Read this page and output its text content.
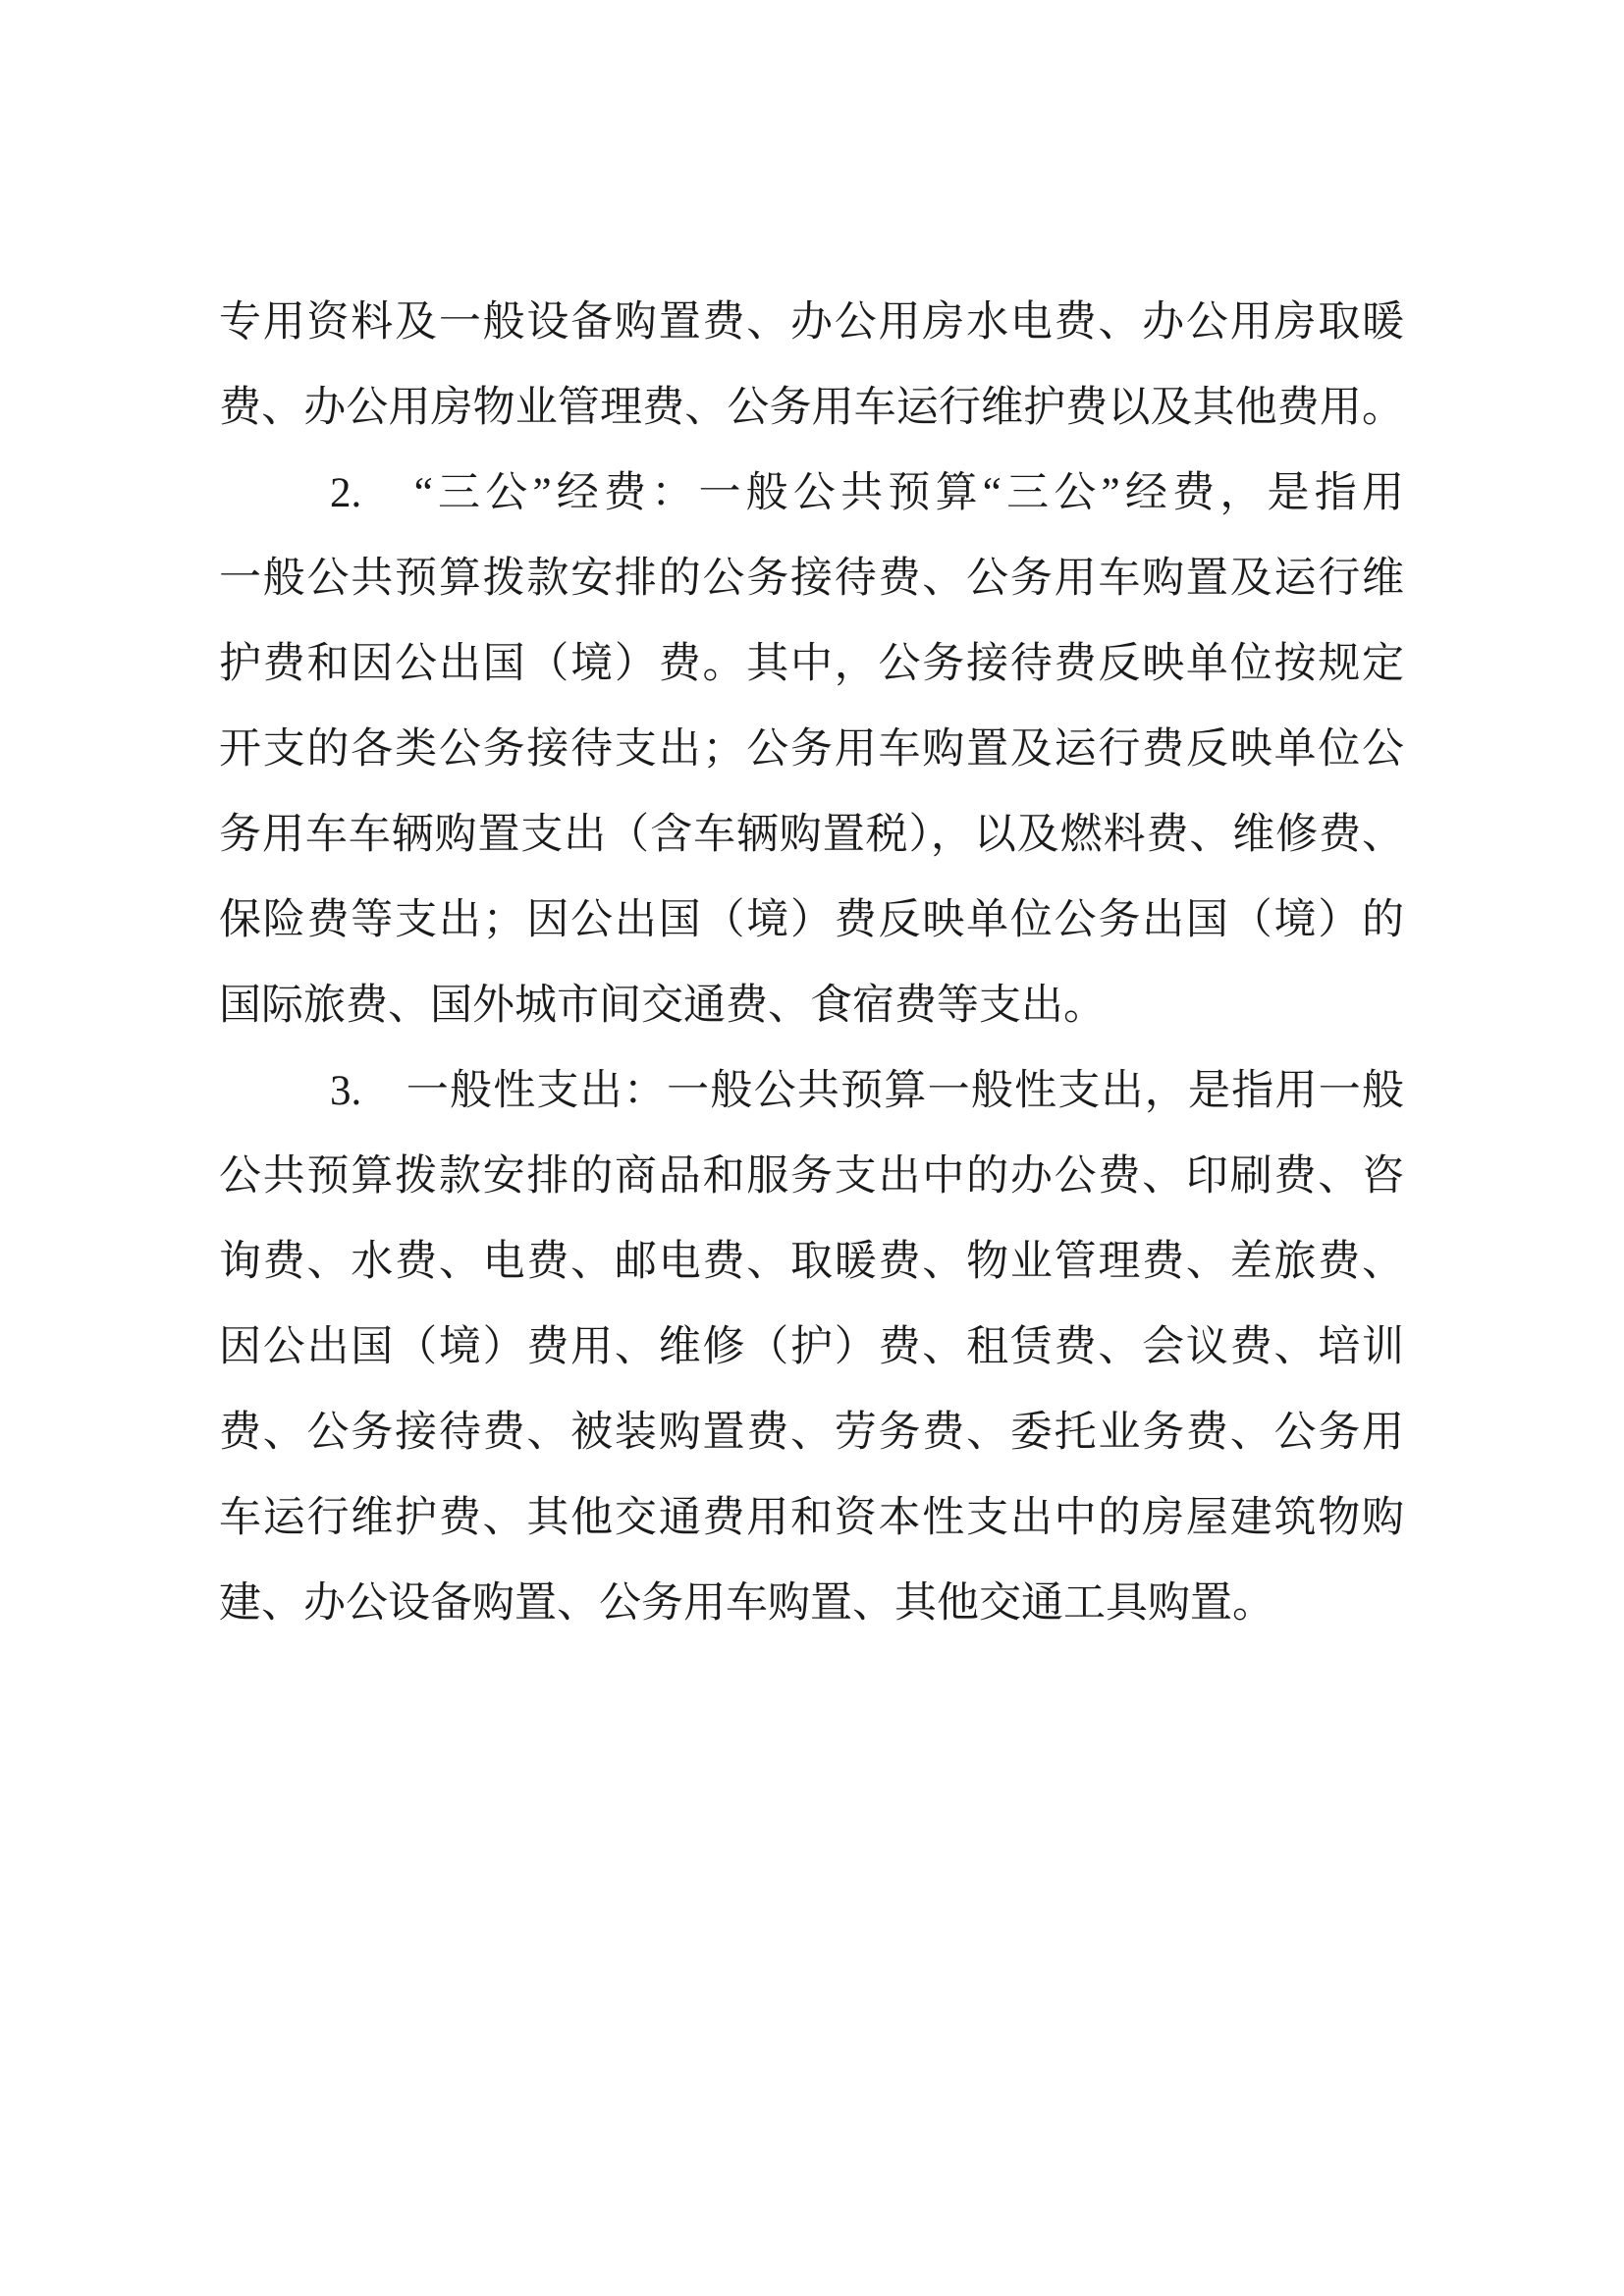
专用资料及一般设备购置费、办公用房水电费、办公用房取暖
费、办公用房物业管理费、公务用车运行维护费以及其他费用。
2.　“三公”经费：一般公共预算“三公”经费，是指用
一般公共预算拨款安排的公务接待费、公务用车购置及运行维
护费和因公出国（境）费。其中，公务接待费反映单位按规定
开支的各类公务接待支出；公务用车购置及运行费反映单位公
务用车车辆购置支出（含车辆购置税），以及燃料费、维修费、
保险费等支出；因公出国（境）费反映单位公务出国（境）的
国际旅费、国外城市间交通费、食宿费等支出。
3.　一般性支出：一般公共预算一般性支出，是指用一般
公共预算拨款安排的商品和服务支出中的办公费、印刷费、咨
询费、水费、电费、邮电费、取暖费、物业管理费、差旅费、
因公出国（境）费用、维修（护）费、租赁费、会议费、培训
费、公务接待费、被装购置费、劳务费、委托业务费、公务用
车运行维护费、其他交通费用和资本性支出中的房屋建筑物购
建、办公设备购置、公务用车购置、其他交通工具购置。
